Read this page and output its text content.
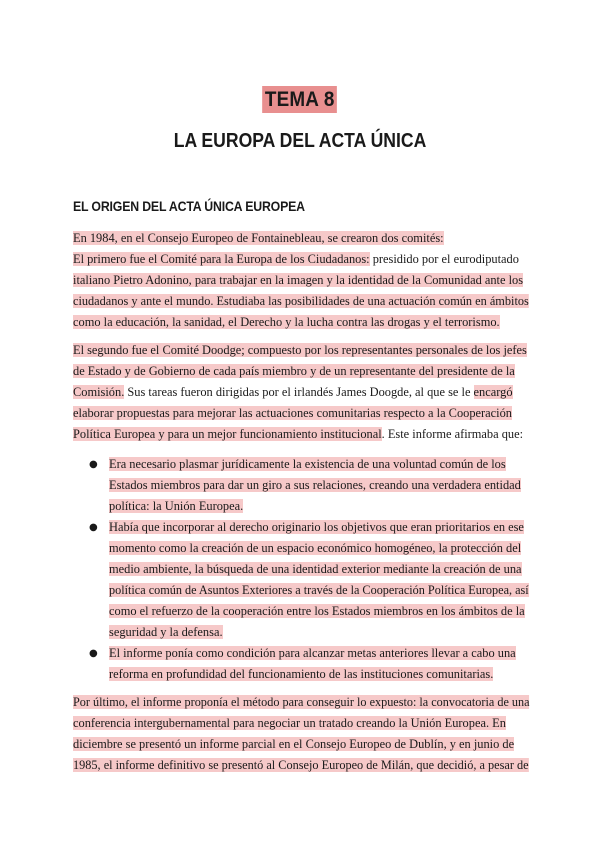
TEMA 8
LA EUROPA DEL ACTA ÚNICA
EL ORIGEN DEL ACTA ÚNICA EUROPEA
En 1984, en el Consejo Europeo de Fontainebleau, se crearon dos comités:
El primero fue el Comité para la Europa de los Ciudadanos: presidido por el eurodiputado
italiano Pietro Adonino, para trabajar en la imagen y la identidad de la Comunidad ante los
ciudadanos y ante el mundo. Estudiaba las posibilidades de una actuación común en ámbitos
como la educación, la sanidad, el Derecho y la lucha contra las drogas y el terrorismo.
El segundo fue el Comité Doodge; compuesto por los representantes personales de los jefes
de Estado y de Gobierno de cada país miembro y de un representante del presidente de la
Comisión. Sus tareas fueron dirigidas por el irlandés James Doogde, al que se le encargó
elaborar propuestas para mejorar las actuaciones comunitarias respecto a la Cooperación
Política Europea y para un mejor funcionamiento institucional. Este informe afirmaba que:
● Era necesario plasmar jurídicamente la existencia de una voluntad común de los
Estados miembros para dar un giro a sus relaciones, creando una verdadera entidad
política: la Unión Europea.
● Había que incorporar al derecho originario los objetivos que eran prioritarios en ese
momento como la creación de un espacio económico homogéneo, la protección del
medio ambiente, la búsqueda de una identidad exterior mediante la creación de una
política común de Asuntos Exteriores a través de la Cooperación Política Europea, así
como el refuerzo de la cooperación entre los Estados miembros en los ámbitos de la
seguridad y la defensa.
● El informe ponía como condición para alcanzar metas anteriores llevar a cabo una
reforma en profundidad del funcionamiento de las instituciones comunitarias.
Por último, el informe proponía el método para conseguir lo expuesto: la convocatoria de una
conferencia intergubernamental para negociar un tratado creando la Unión Europea. En
diciembre se presentó un informe parcial en el Consejo Europeo de Dublín, y en junio de
1985, el informe definitivo se presentó al Consejo Europeo de Milán, que decidió, a pesar de
